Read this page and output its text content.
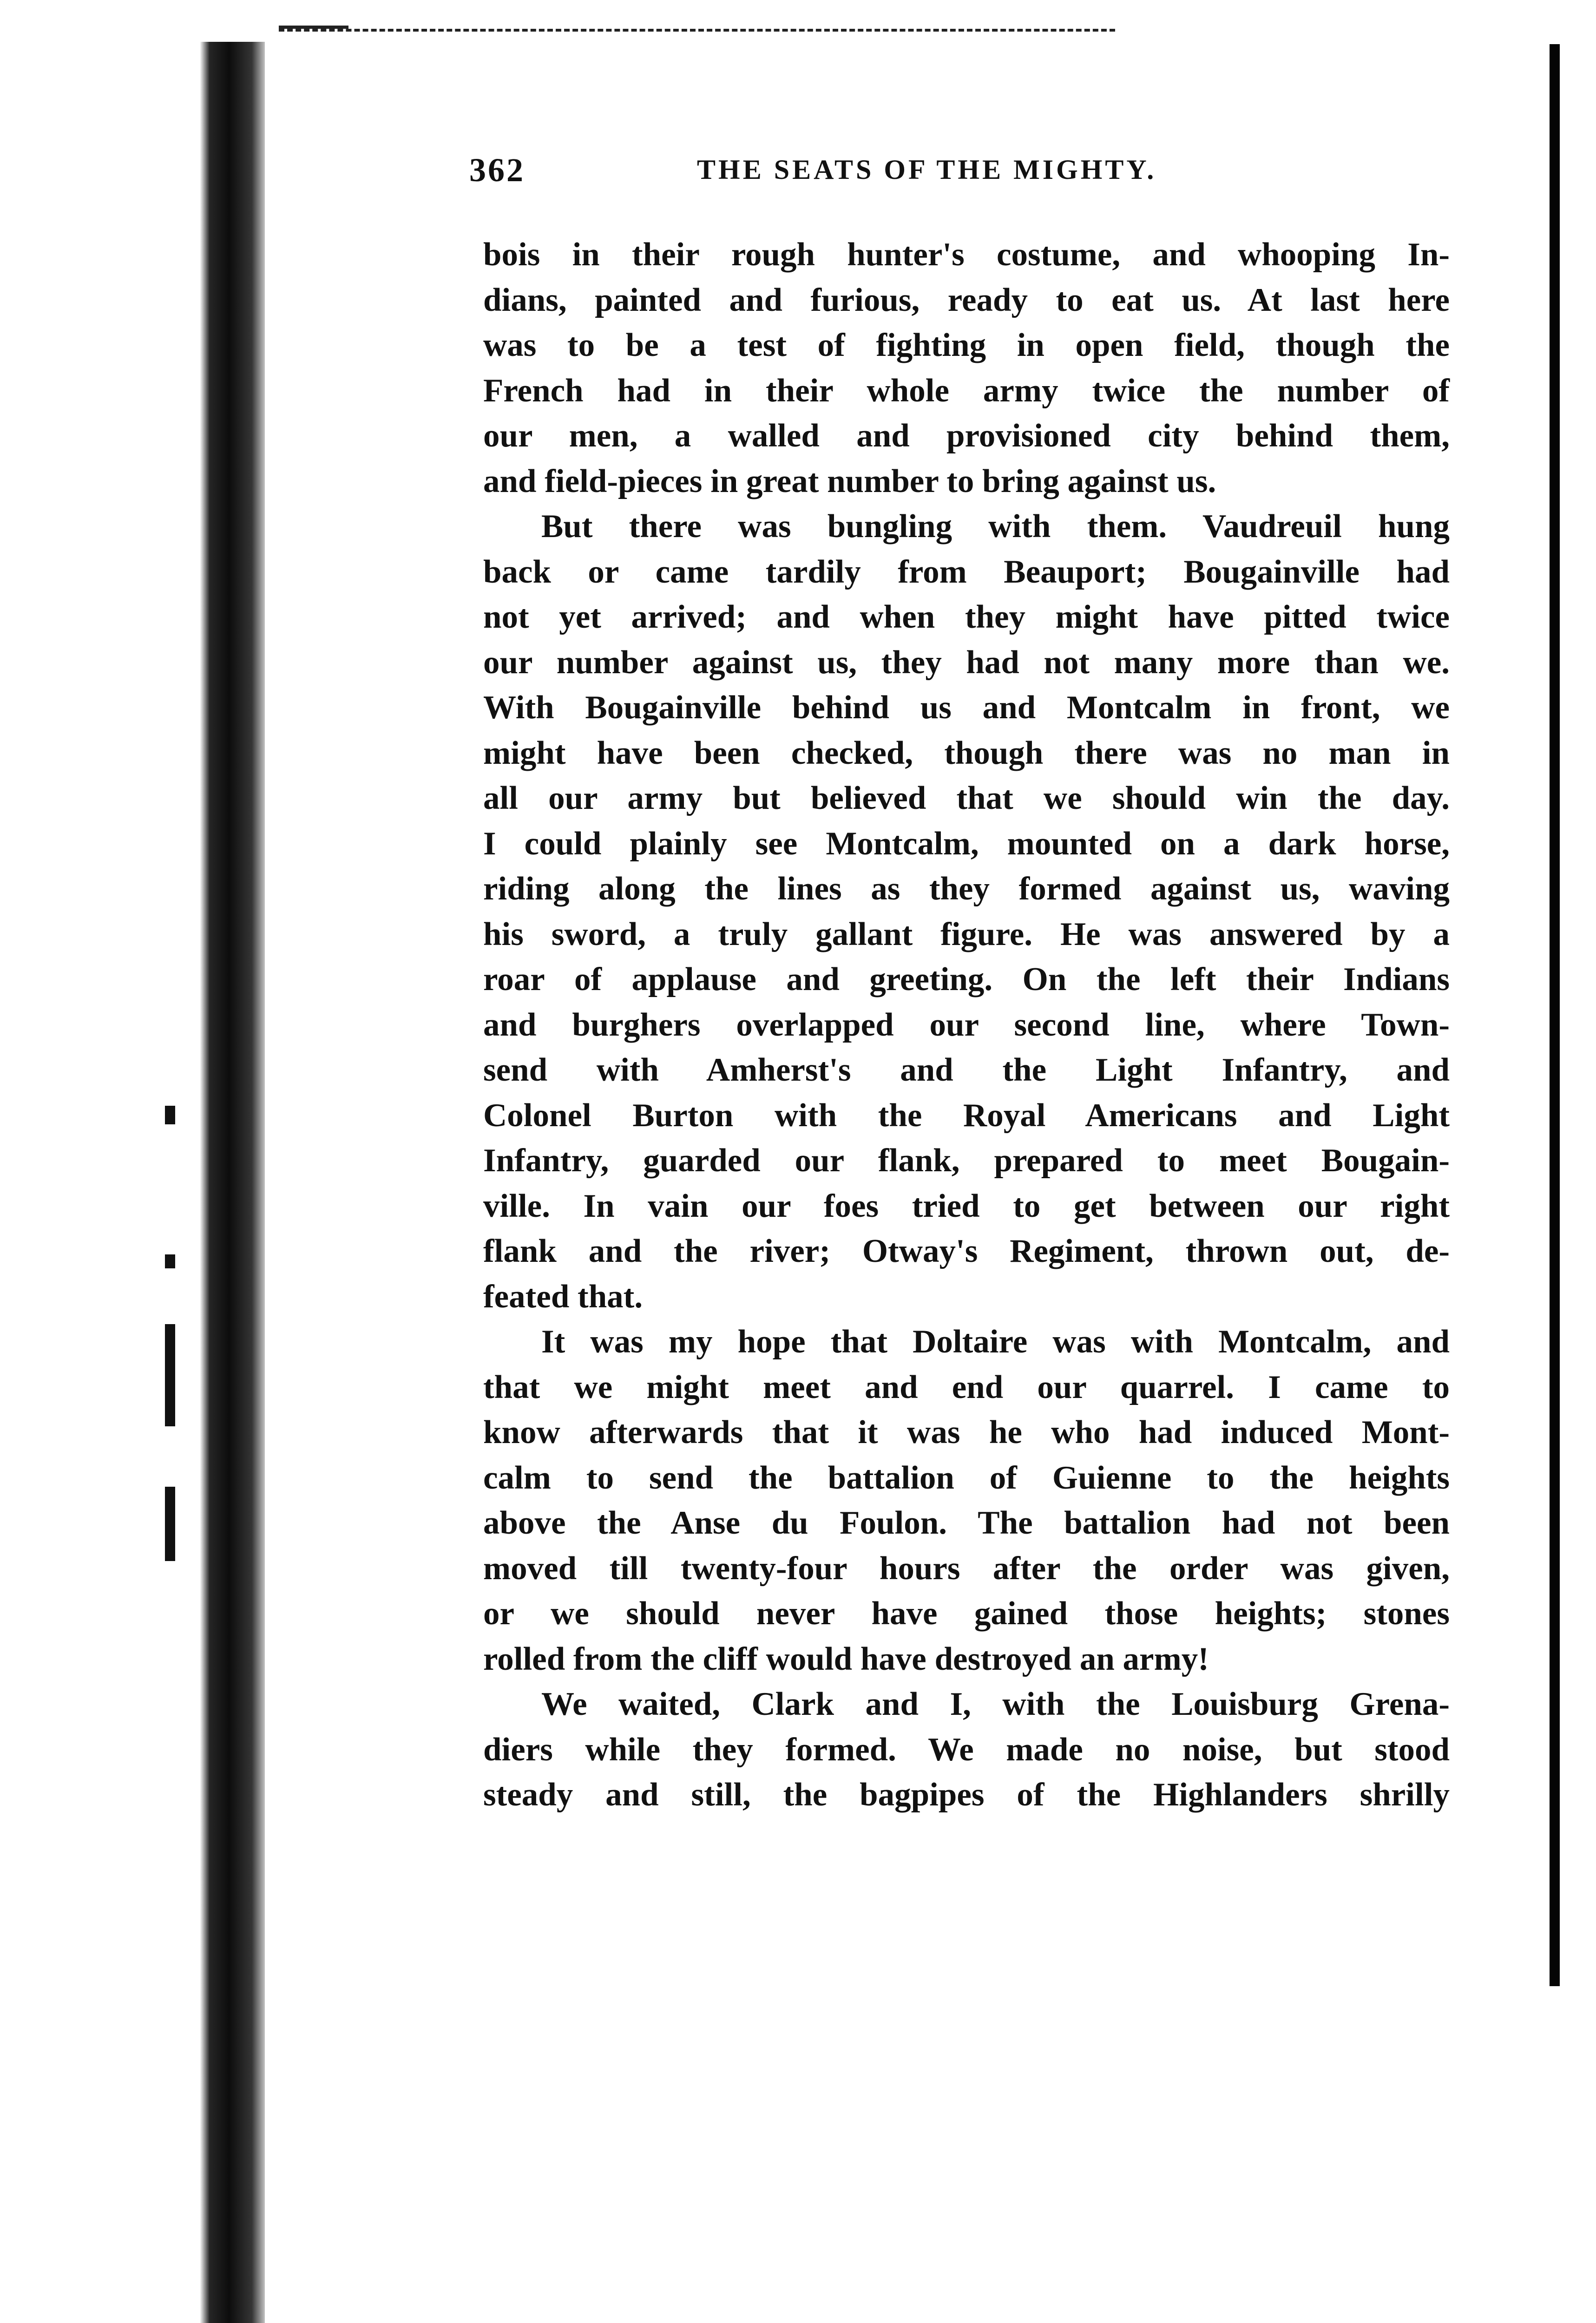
362	THE SEATS OF THE MIGHTY.
bois in their rough hunter's costume, and whooping In-
dians, painted and furious, ready to eat us. At last here
was to be a test of fighting in open field, though the
French had in their whole army twice the number of
our men, a walled and provisioned city behind them,
and field-pieces in great number to bring against us.
But there was bungling with them. Vaudreuil hung
back or came tardily from Beauport; Bougainville had
not yet arrived; and when they might have pitted twice
our number against us, they had not many more than we.
With Bougainville behind us and Montcalm in front, we
might have been checked, though there was no man in
all our army but believed that we should win the day.
I could plainly see Montcalm, mounted on a dark horse,
riding along the lines as they formed against us, waving
his sword, a truly gallant figure. He was answered by a
roar of applause and greeting. On the left their Indians
and burghers overlapped our second line, where Town-
send with Amherst's and the Light Infantry, and
Colonel Burton with the Royal Americans and Light
Infantry, guarded our flank, prepared to meet Bougain-
ville. In vain our foes tried to get between our right
flank and the river; Otway's Regiment, thrown out, de-
feated that.
It was my hope that Doltaire was with Montcalm, and
that we might meet and end our quarrel. I came to
know afterwards that it was he who had induced Mont-
calm to send the battalion of Guienne to the heights
above the Anse du Foulon. The battalion had not been
moved till twenty-four hours after the order was given,
or we should never have gained those heights; stones
rolled from the cliff would have destroyed an army!
We waited, Clark and I, with the Louisburg Grena-
diers while they formed. We made no noise, but stood
steady and still, the bagpipes of the Highlanders shrilly
